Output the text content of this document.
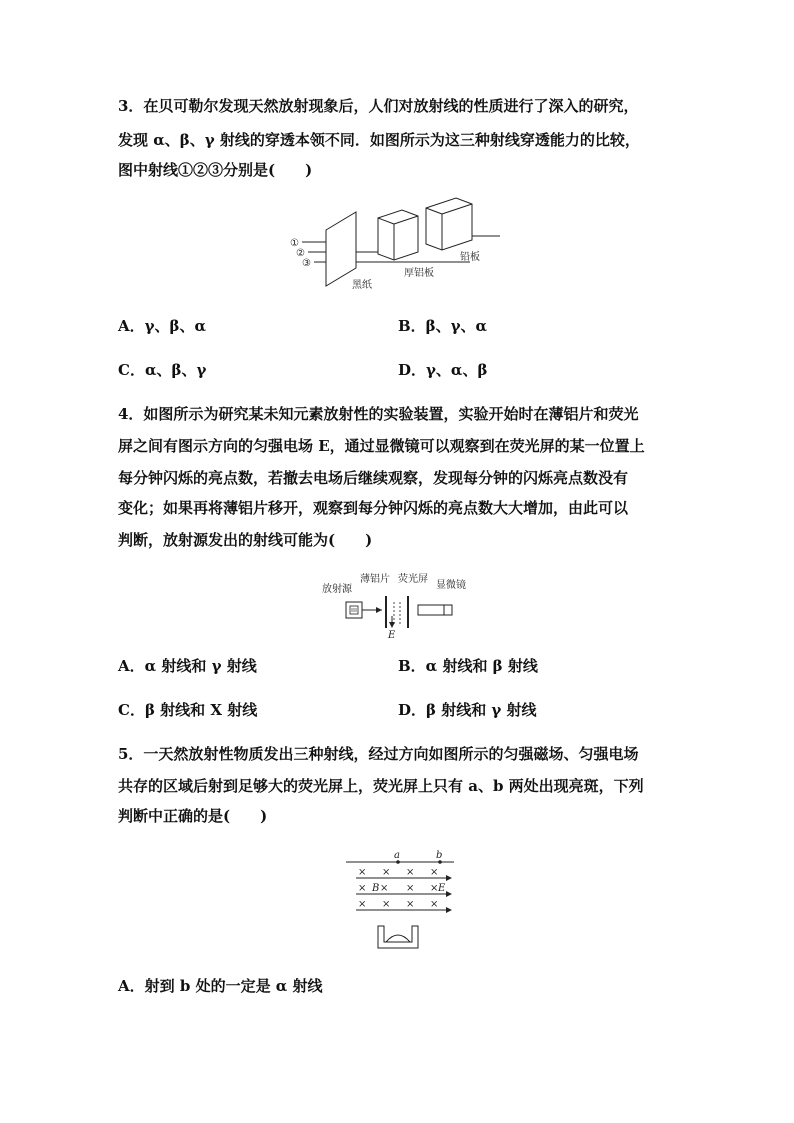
3．在贝可勒尔发现天然放射现象后，人们对放射线的性质进行了深入的研究，
发现 α、β、γ 射线的穿透本领不同．如图所示为这三种射线穿透能力的比较，
图中射线①②③分别是(　　)
①
②
③
黑纸
厚铝板
铅板
A．γ、β、α	B．β、γ、α
C．α、β、γ	D．γ、α、β
4．如图所示为研究某未知元素放射性的实验装置，实验开始时在薄铝片和荧光
屏之间有图示方向的匀强电场 E，通过显微镜可以观察到在荧光屏的某一位置上
每分钟闪烁的亮点数，若撤去电场后继续观察，发现每分钟的闪烁亮点数没有
变化；如果再将薄铝片移开，观察到每分钟闪烁的亮点数大大增加，由此可以
判断，放射源发出的射线可能为(　　)
放射源
薄铝片 荧光屏
显微镜
E
A．α 射线和 γ 射线	B．α 射线和 β 射线
C．β 射线和 X 射线	D．β 射线和 γ 射线
5．一天然放射性物质发出三种射线，经过方向如图所示的匀强磁场、匀强电场
共存的区域后射到足够大的荧光屏上，荧光屏上只有 a、b 两处出现亮斑，下列
判断中正确的是(　　)
a	b
× × × ×
× B × × × E
× × × ×
A．射到 b 处的一定是 α 射线
